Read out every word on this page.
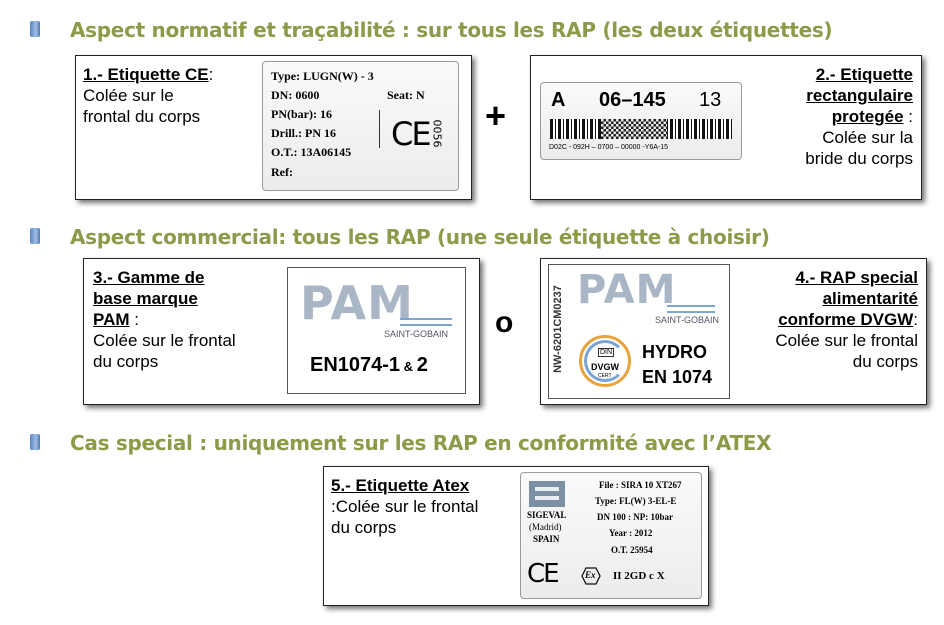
Aspect normatif et traçabilité : sur tous les RAP (les deux étiquettes)
1.- Etiquette CE:
Colée sur le
frontal du corps
Type: LUGN(W) - 3
DN: 0600	Seat: N
PN(bar): 16
Drill.: PN 16
O.T.: 13A06145
Ref:
CE 0056 + A 06–145 13
D02C - 092H – 0700 – 00000 -Y6A-15
2.- Etiquette
rectangulaire
protegée :
Colée sur la
bride du corps
Aspect commercial: tous les RAP (une seule étiquette à choisir)
3.- Gamme de
base marque
PAM :
Colée sur le frontal
du corps
PAM
SAINT-GOBAIN
EN1074-1 & 2
o	NW-6201CM0237 PAM
SAINT-GOBAIN
DIN
DVGW
CERT
HYDRO
EN 1074
4.- RAP special
alimentarité
conforme DVGW:
Colée sur le frontal
du corps
Cas special : uniquement sur les RAP en conformité avec l’ATEX
5.- Etiquette Atex
:Colée sur le frontal
du corps
SIGEVAL
(Madrid)
SPAIN
File : SIRA 10 XT267
Type: FL(W) 3-EL-E
DN 100 : NP: 10bar
Year : 2012
O.T. 25954
CE	Ex II 2GD c X
